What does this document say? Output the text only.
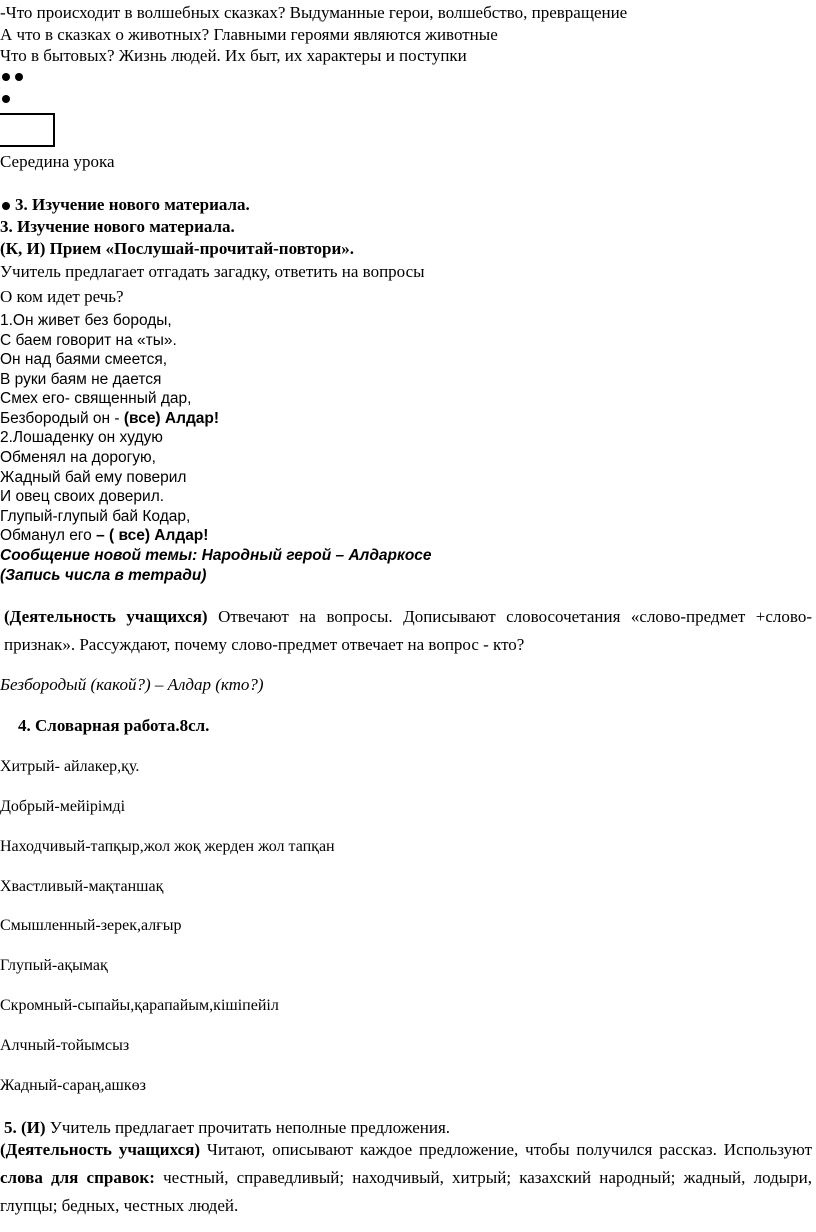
-Что происходит в волшебных сказках? Выдуманные герои, волшебство, превращение
А что в сказках о животных? Главными героями являются животные
Что в бытовых? Жизнь людей. Их быт, их характеры и поступки
Середина урока
3. Изучение нового материала.
3. Изучение нового материала.
(К, И) Прием «Послушай-прочитай-повтори».
Учитель предлагает отгадать загадку, ответить на вопросы
О ком идет речь?
1.Он живет без бороды,
С баем говорит на «ты».
Он над баями смеется,
В руки баям не дается
Смех его- священный дар,
Безбородый он - (все) Алдар!
2.Лошаденку он худую
Обменял на дорогую,
Жадный бай ему поверил
И овец своих доверил.
Глупый-глупый бай Кодар,
Обманул его – ( все) Алдар!
Сообщение новой темы: Народный герой – Алдаркосе
(Запись числа в тетради)
(Деятельность учащихся) Отвечают на вопросы. Дописывают словосочетания «слово-предмет +слово- признак». Рассуждают, почему слово-предмет отвечает на вопрос - кто?
Безбородый (какой?) – Алдар (кто?)
4. Словарная работа.8сл.
Хитрый- айлакер,қу.
Добрый-мейірімді
Находчивый-тапқыр,жол жоқ жерден жол тапқан
Хвастливый-мақтаншақ
Смышленный-зерек,алғыр
Глупый-ақымақ
Скромный-сыпайы,қарапайым,кішіпейіл
Алчный-тойымсыз
Жадный-сараң,ашкөз
5. (И) Учитель предлагает прочитать неполные предложения.
(Деятельность учащихся) Читают, описывают каждое предложение, чтобы получился рассказ. Используют слова для справок: честный, справедливый; находчивый, хитрый; казахский народный; жадный, лодыри, глупцы; бедных, честных людей.
